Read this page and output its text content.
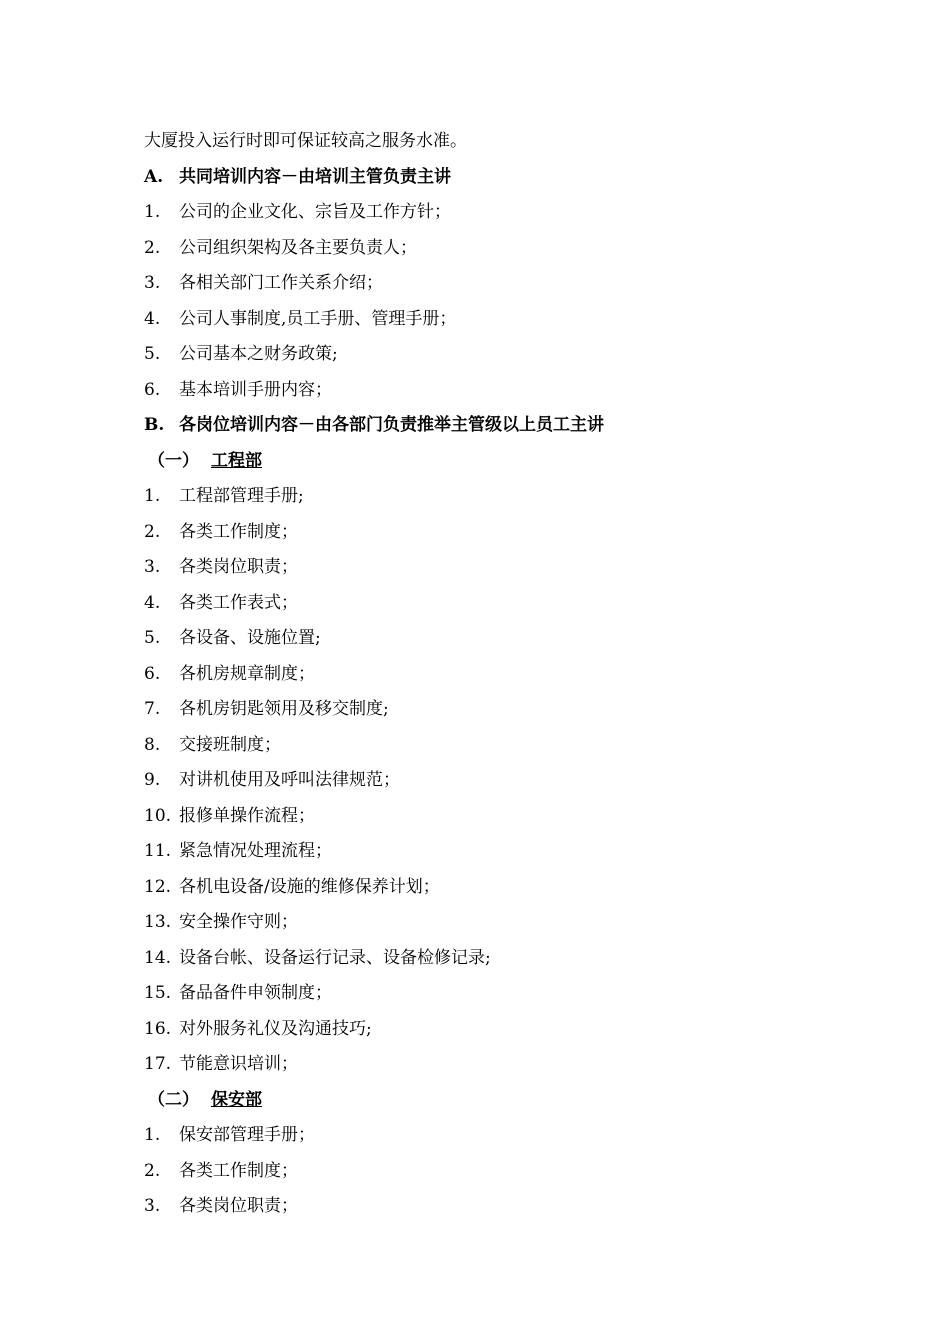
大厦投入运行时即可保证较高之服务水准。
A. 共同培训内容－由培训主管负责主讲
1. 公司的企业文化、宗旨及工作方针；
2. 公司组织架构及各主要负责人；
3. 各相关部门工作关系介绍；
4. 公司人事制度,员工手册、管理手册；
5. 公司基本之财务政策;
6. 基本培训手册内容；
B. 各岗位培训内容－由各部门负责推举主管级以上员工主讲
（一） 工程部
1. 工程部管理手册;
2. 各类工作制度；
3. 各类岗位职责；
4. 各类工作表式；
5. 各设备、设施位置;
6. 各机房规章制度；
7. 各机房钥匙领用及移交制度;
8. 交接班制度；
9. 对讲机使用及呼叫法律规范；
10. 报修单操作流程；
11. 紧急情况处理流程；
12. 各机电设备/设施的维修保养计划；
13. 安全操作守则；
14. 设备台帐、设备运行记录、设备检修记录;
15. 备品备件申领制度；
16. 对外服务礼仪及沟通技巧;
17. 节能意识培训；
（二） 保安部
1. 保安部管理手册；
2. 各类工作制度；
3. 各类岗位职责；
